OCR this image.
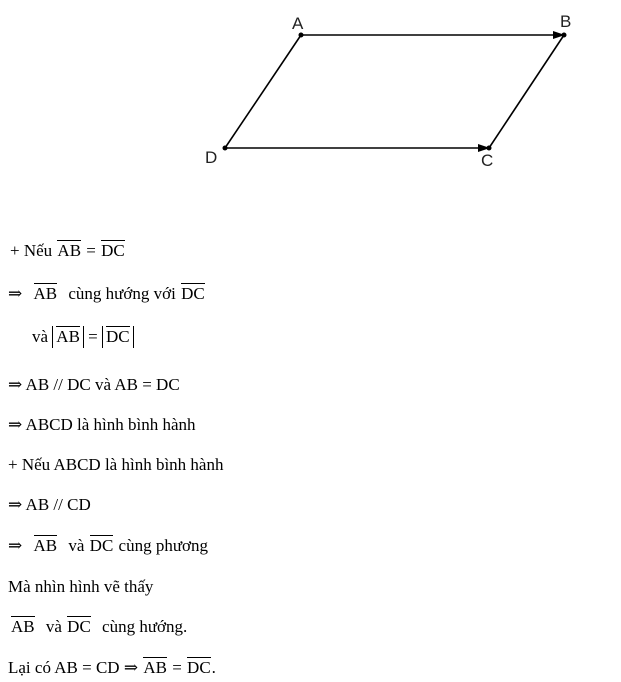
A	B
C
D
+ Nếu AB = DC
⇒ AB cùng hướng với DC
và AB = DC
⇒ AB // DC và AB = DC
⇒ ABCD là hình bình hành
+ Nếu ABCD là hình bình hành
⇒ AB // CD
⇒ AB và DC cùng phương
Mà nhìn hình vẽ thấy
AB và DC cùng hướng.
Lại có AB = CD ⇒ AB = DC.
